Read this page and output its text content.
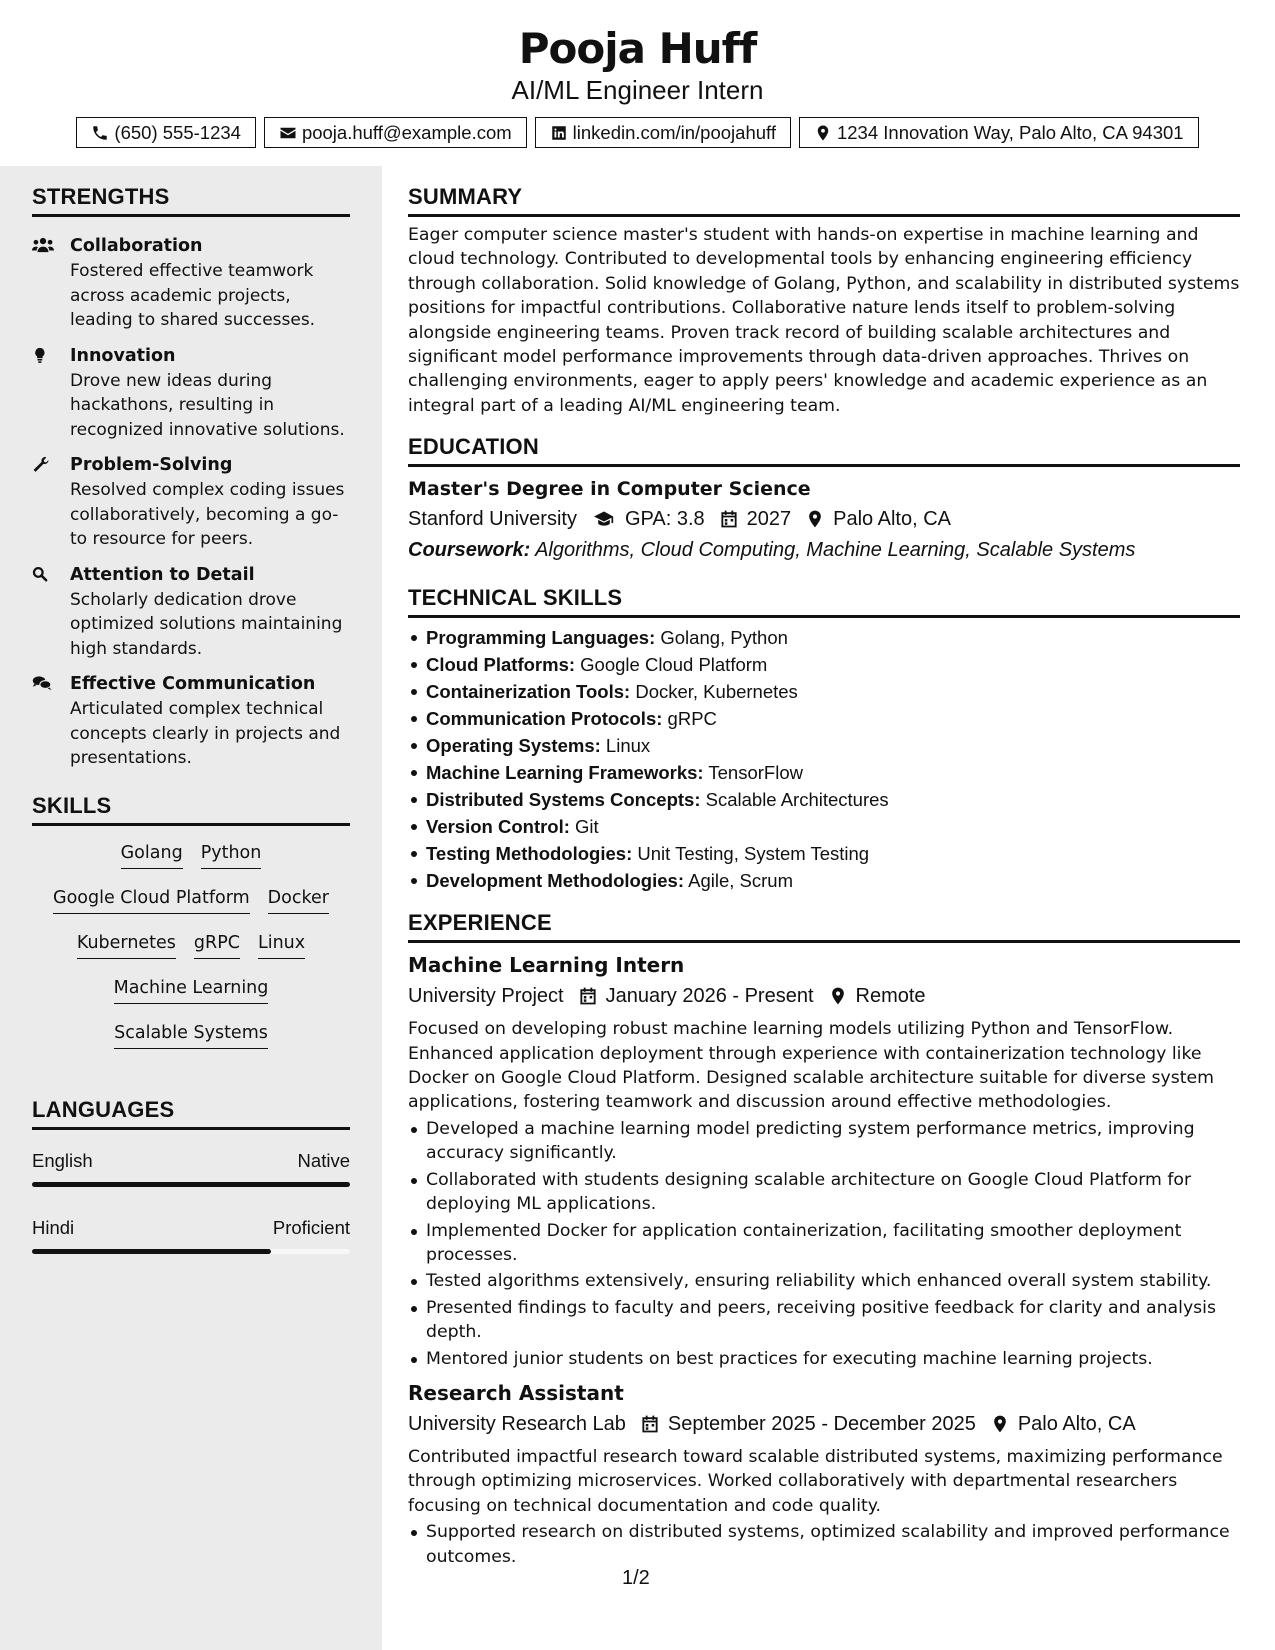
Pooja Huff
AI/ML Engineer Intern
(650) 555-1234	pooja.huff@example.com	linkedin.com/in/poojahuff	1234 Innovation Way, Palo Alto, CA 94301
STRENGTHS
Collaboration
Fostered effective teamwork across academic projects, leading to shared successes.
Innovation
Drove new ideas during hackathons, resulting in recognized innovative solutions.
Problem-Solving
Resolved complex coding issues collaboratively, becoming a go-to resource for peers.
Attention to Detail
Scholarly dedication drove optimized solutions maintaining high standards.
Effective Communication
Articulated complex technical concepts clearly in projects and presentations.
SKILLS
Golang Python
Google Cloud Platform Docker
Kubernetes gRPC Linux
Machine Learning
Scalable Systems
LANGUAGES
English	Native
Hindi	Proficient
SUMMARY
Eager computer science master's student with hands-on expertise in machine learning and cloud technology. Contributed to developmental tools by enhancing engineering efficiency through collaboration. Solid knowledge of Golang, Python, and scalability in distributed systems positions for impactful contributions. Collaborative nature lends itself to problem-solving alongside engineering teams. Proven track record of building scalable architectures and significant model performance improvements through data-driven approaches. Thrives on challenging environments, eager to apply peers' knowledge and academic experience as an integral part of a leading AI/ML engineering team.
EDUCATION
Master's Degree in Computer Science
Stanford University GPA: 3.8 2027 Palo Alto, CA
Coursework: Algorithms, Cloud Computing, Machine Learning, Scalable Systems
TECHNICAL SKILLS
Programming Languages: Golang, Python
Cloud Platforms: Google Cloud Platform
Containerization Tools: Docker, Kubernetes
Communication Protocols: gRPC
Operating Systems: Linux
Machine Learning Frameworks: TensorFlow
Distributed Systems Concepts: Scalable Architectures
Version Control: Git
Testing Methodologies: Unit Testing, System Testing
Development Methodologies: Agile, Scrum
EXPERIENCE
Machine Learning Intern
University Project January 2026 - Present Remote
Focused on developing robust machine learning models utilizing Python and TensorFlow. Enhanced application deployment through experience with containerization technology like Docker on Google Cloud Platform. Designed scalable architecture suitable for diverse system applications, fostering teamwork and discussion around effective methodologies.
Developed a machine learning model predicting system performance metrics, improving accuracy significantly.
Collaborated with students designing scalable architecture on Google Cloud Platform for deploying ML applications.
Implemented Docker for application containerization, facilitating smoother deployment processes.
Tested algorithms extensively, ensuring reliability which enhanced overall system stability.
Presented findings to faculty and peers, receiving positive feedback for clarity and analysis depth.
Mentored junior students on best practices for executing machine learning projects.
Research Assistant
University Research Lab September 2025 - December 2025 Palo Alto, CA
Contributed impactful research toward scalable distributed systems, maximizing performance through optimizing microservices. Worked collaboratively with departmental researchers focusing on technical documentation and code quality.
Supported research on distributed systems, optimized scalability and improved performance outcomes.
1/2
